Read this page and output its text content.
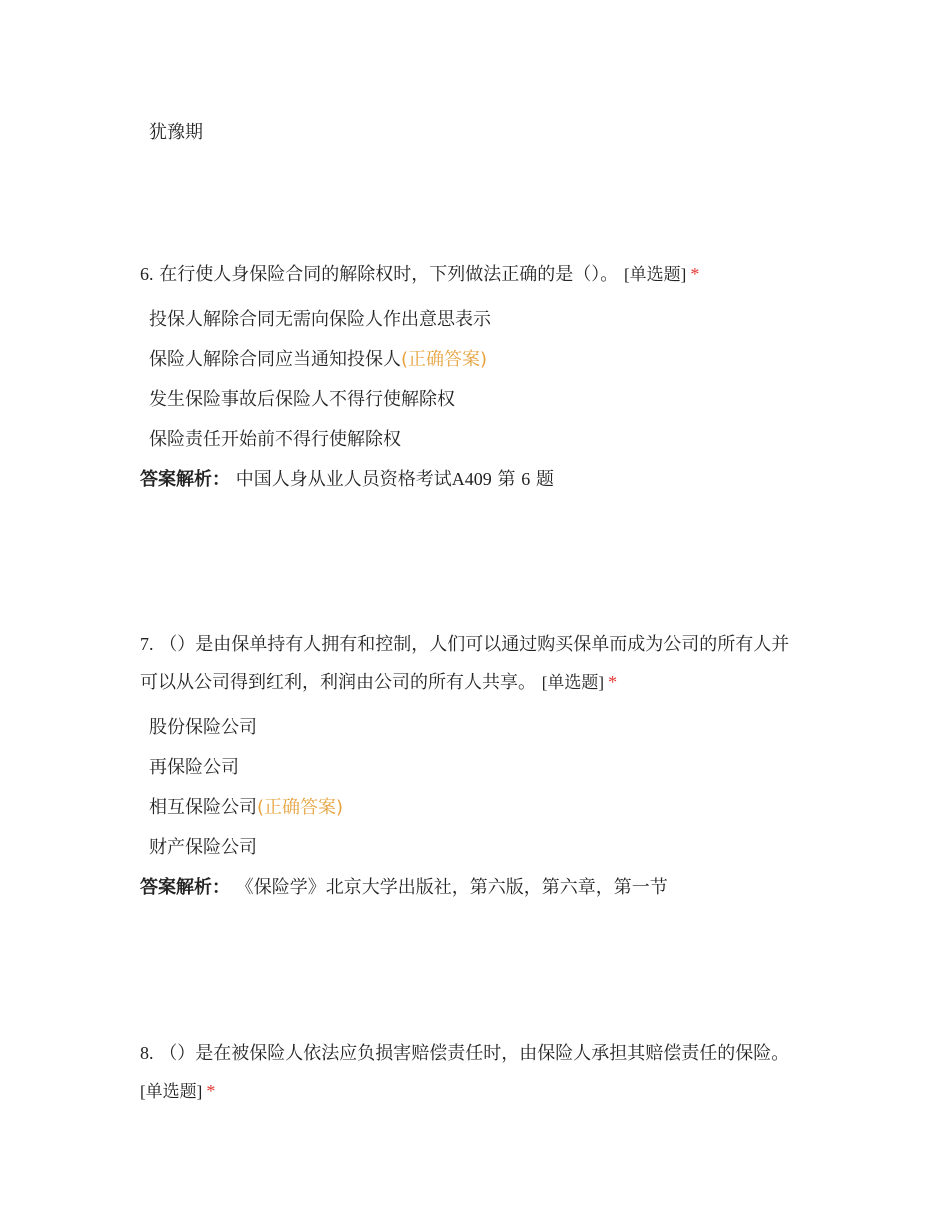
犹豫期
6. 在行使人身保险合同的解除权时，下列做法正确的是（）。 [单选题] *
投保人解除合同无需向保险人作出意思表示
保险人解除合同应当通知投保人(正确答案)
发生保险事故后保险人不得行使解除权
保险责任开始前不得行使解除权
答案解析： 中国人身从业人员资格考试A409 第 6 题
7. （）是由保单持有人拥有和控制，人们可以通过购买保单而成为公司的所有人并
可以从公司得到红利，利润由公司的所有人共享。 [单选题] *
股份保险公司
再保险公司
相互保险公司(正确答案)
财产保险公司
答案解析： 《保险学》北京大学出版社，第六版，第六章，第一节
8. （）是在被保险人依法应负损害赔偿责任时，由保险人承担其赔偿责任的保险。
[单选题] *
